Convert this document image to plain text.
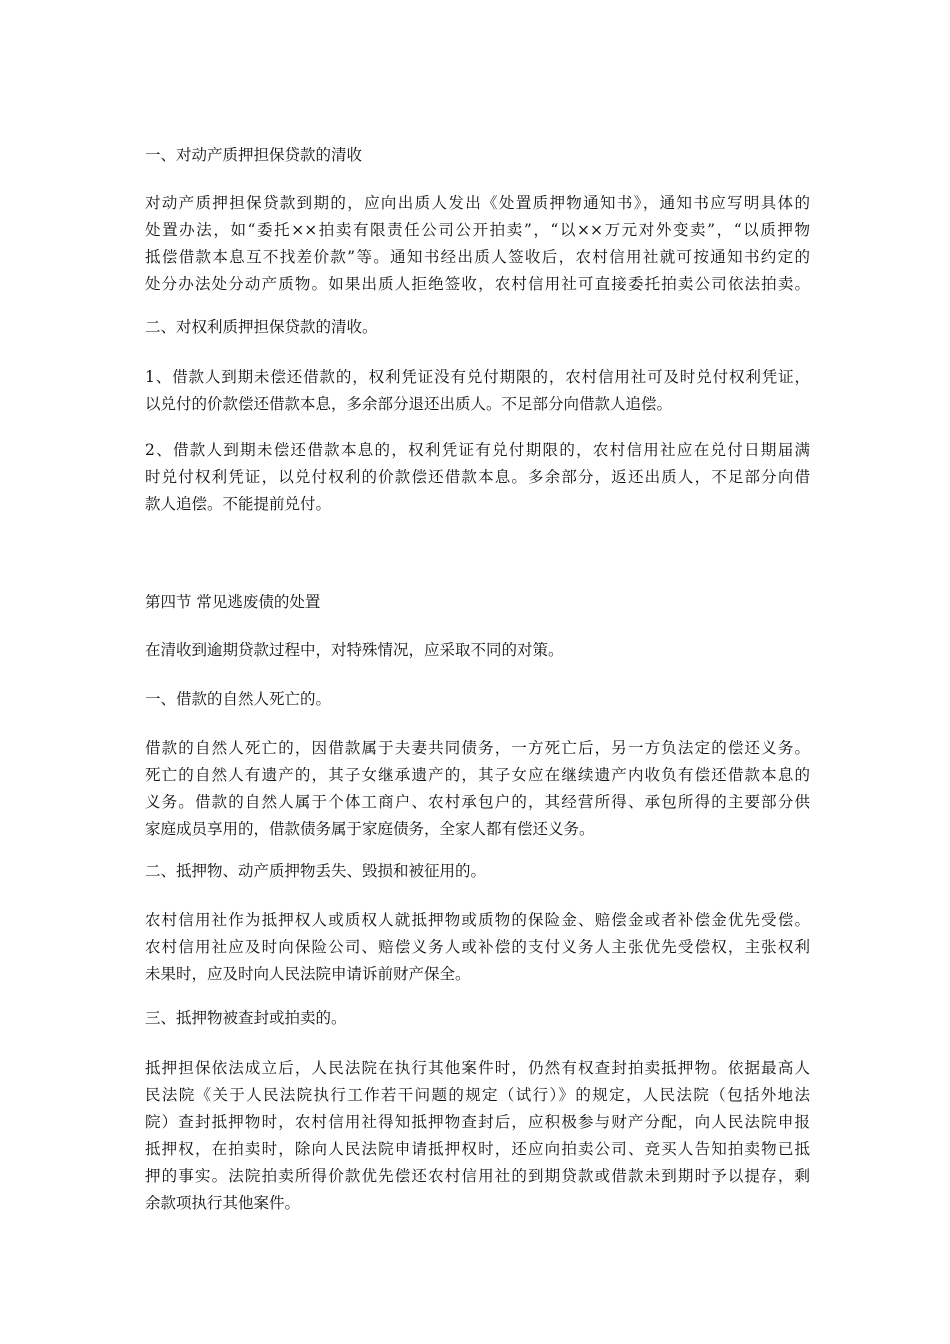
一、对动产质押担保贷款的清收
对动产质押担保贷款到期的，应向出质人发出《处置质押物通知书》，通知书应写明具体的
处置办法，如“委托××拍卖有限责任公司公开拍卖”，“以××万元对外变卖”，“以质押物
抵偿借款本息互不找差价款”等。通知书经出质人签收后，农村信用社就可按通知书约定的
处分办法处分动产质物。如果出质人拒绝签收，农村信用社可直接委托拍卖公司依法拍卖。
二、对权利质押担保贷款的清收。
1、借款人到期未偿还借款的，权利凭证没有兑付期限的，农村信用社可及时兑付权利凭证，
以兑付的价款偿还借款本息，多余部分退还出质人。不足部分向借款人追偿。
2、借款人到期未偿还借款本息的，权利凭证有兑付期限的，农村信用社应在兑付日期届满
时兑付权利凭证，以兑付权利的价款偿还借款本息。多余部分，返还出质人，不足部分向借
款人追偿。不能提前兑付。
第四节 常见逃废债的处置
在清收到逾期贷款过程中，对特殊情况，应采取不同的对策。
一、借款的自然人死亡的。
借款的自然人死亡的，因借款属于夫妻共同债务，一方死亡后，另一方负法定的偿还义务。
死亡的自然人有遗产的，其子女继承遗产的，其子女应在继续遗产内收负有偿还借款本息的
义务。借款的自然人属于个体工商户、农村承包户的，其经营所得、承包所得的主要部分供
家庭成员享用的，借款债务属于家庭债务，全家人都有偿还义务。
二、抵押物、动产质押物丢失、毁损和被征用的。
农村信用社作为抵押权人或质权人就抵押物或质物的保险金、赔偿金或者补偿金优先受偿。
农村信用社应及时向保险公司、赔偿义务人或补偿的支付义务人主张优先受偿权，主张权利
未果时，应及时向人民法院申请诉前财产保全。
三、抵押物被查封或拍卖的。
抵押担保依法成立后，人民法院在执行其他案件时，仍然有权查封拍卖抵押物。依据最高人
民法院《关于人民法院执行工作若干问题的规定（试行）》的规定，人民法院（包括外地法
院）查封抵押物时，农村信用社得知抵押物查封后，应积极参与财产分配，向人民法院申报
抵押权，在拍卖时，除向人民法院申请抵押权时，还应向拍卖公司、竞买人告知拍卖物已抵
押的事实。法院拍卖所得价款优先偿还农村信用社的到期贷款或借款未到期时予以提存，剩
余款项执行其他案件。
